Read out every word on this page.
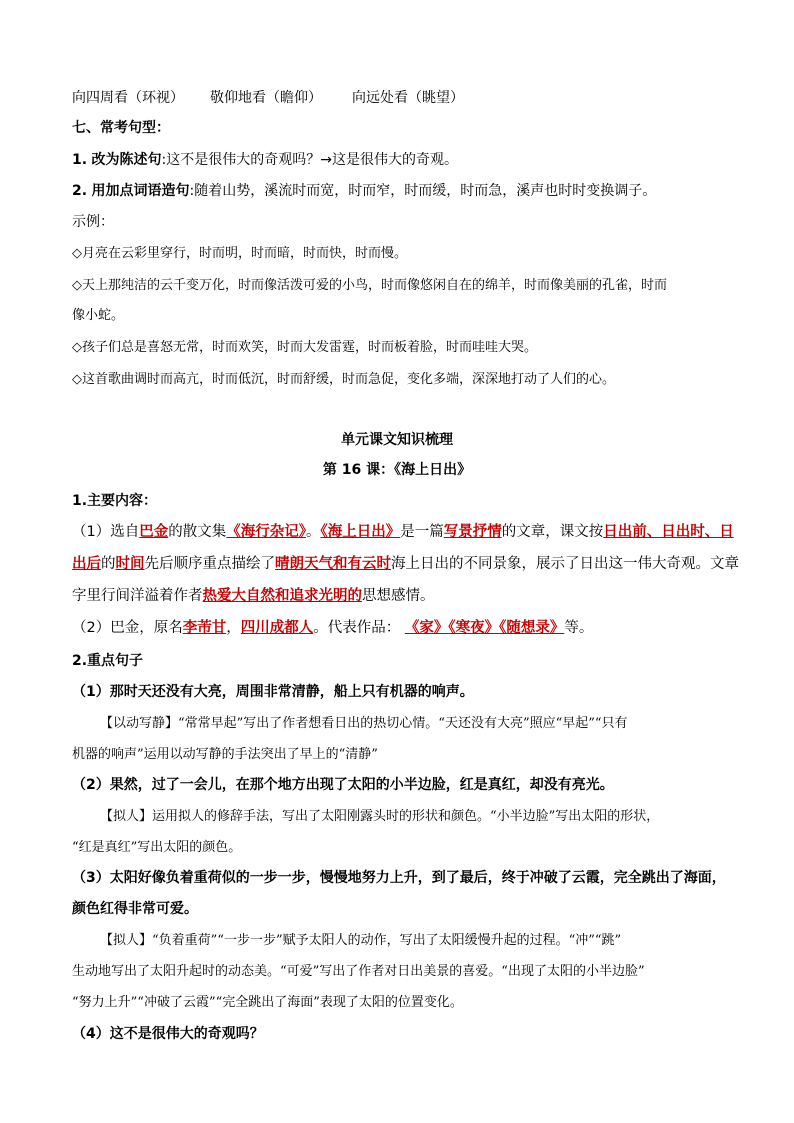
向四周看（环视） 敬仰地看（瞻仰） 向远处看（眺望）
七、常考句型：
1. 改为陈述句:这不是很伟大的奇观吗？→这是很伟大的奇观。
2. 用加点词语造句:随着山势，溪流时而宽，时而窄，时而缓，时而急，溪声也时时变换调子。
示例：
◇月亮在云彩里穿行，时而明，时而暗，时而快，时而慢。
◇天上那纯洁的云千变万化，时而像活泼可爱的小鸟，时而像悠闲自在的绵羊，时而像美丽的孔雀，时而
像小蛇。
◇孩子们总是喜怒无常，时而欢笑，时而大发雷霆，时而板着脸，时而哇哇大哭。
◇这首歌曲调时而高亢，时而低沉，时而舒缓，时而急促，变化多端，深深地打动了人们的心。
单元课文知识梳理
第 16 课：《海上日出》
1.主要内容：
（1）选自巴金的散文集《海行杂记》。《海上日出》是一篇写景抒情的文章，课文按日出前、日出时、日
出后的时间先后顺序重点描绘了晴朗天气和有云时海上日出的不同景象，展示了日出这一伟大奇观。文章
字里行间洋溢着作者热爱大自然和追求光明的思想感情。
（2）巴金，原名李芾甘，四川成都人。代表作品： 《家》《寒夜》《随想录》等。
2.重点句子
（1）那时天还没有大亮，周围非常清静，船上只有机器的响声。
【以动写静】“常常早起”写出了作者想看日出的热切心情。“天还没有大亮”照应“早起”“只有
机器的响声”运用以动写静的手法突出了早上的“清静”
（2）果然，过了一会儿，在那个地方出现了太阳的小半边脸，红是真红，却没有亮光。
【拟人】运用拟人的修辞手法，写出了太阳刚露头时的形状和颜色。“小半边脸”写出太阳的形状，
“红是真红”写出太阳的颜色。
（3）太阳好像负着重荷似的一步一步，慢慢地努力上升，到了最后，终于冲破了云霞，完全跳出了海面，
颜色红得非常可爱。
【拟人】“负着重荷”“一步一步”赋予太阳人的动作，写出了太阳缓慢升起的过程。“冲”“跳”
生动地写出了太阳升起时的动态美。“可爱”写出了作者对日出美景的喜爱。“出现了太阳的小半边脸”
“努力上升”“冲破了云霞”“完全跳出了海面”表现了太阳的位置变化。
（4）这不是很伟大的奇观吗？
